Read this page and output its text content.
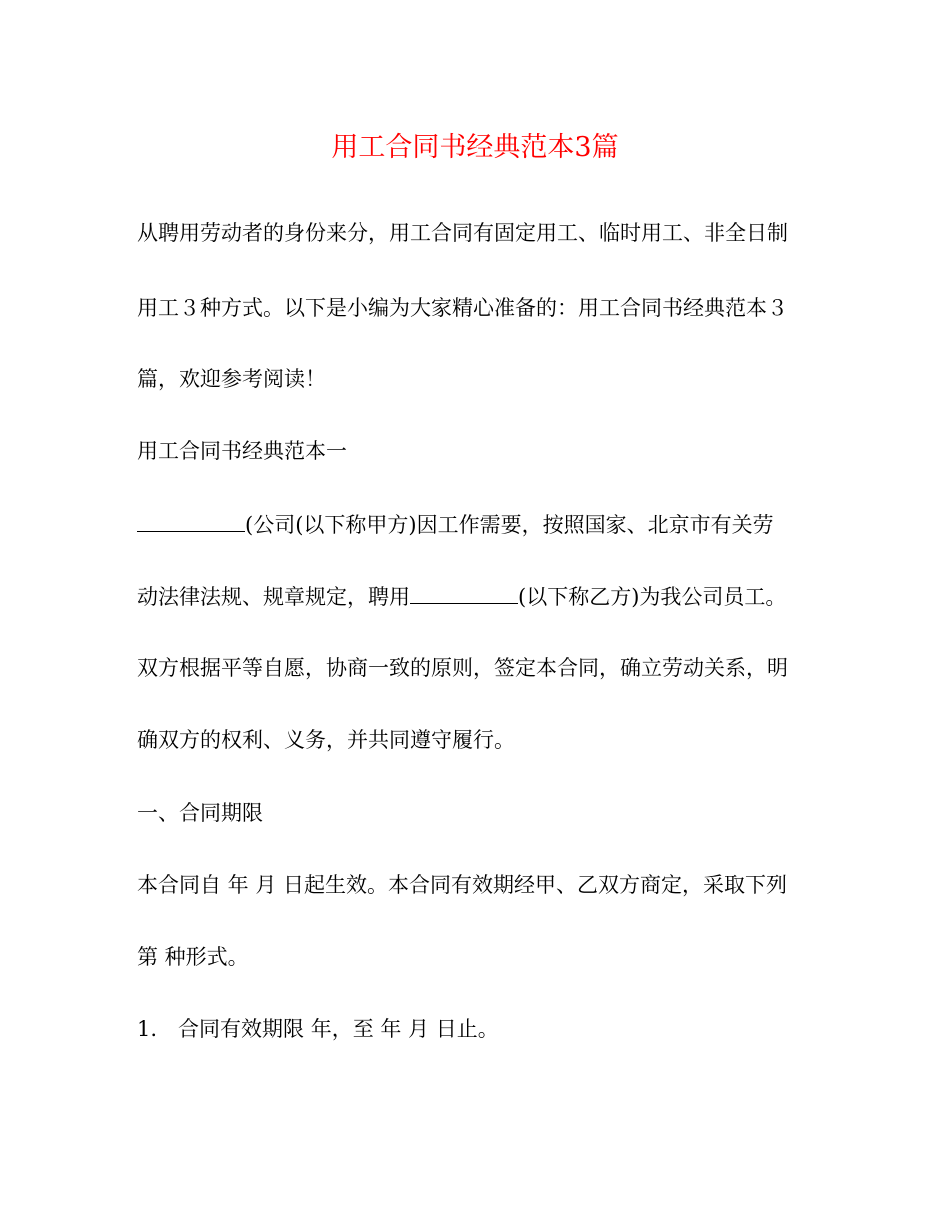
用工合同书经典范本3篇
从聘用劳动者的身份来分，用工合同有固定用工、临时用工、非全日制
用工３种方式。以下是小编为大家精心准备的：用工合同书经典范本３
篇，欢迎参考阅读！
用工合同书经典范本一
(公司(以下称甲方)因工作需要，按照国家、北京市有关劳
动法律法规、规章规定，聘用	(以下称乙方)为我公司员工。
双方根据平等自愿，协商一致的原则，签定本合同，确立劳动关系，明
确双方的权利、义务，并共同遵守履行。
一、合同期限
本合同自 年 月 日起生效。本合同有效期经甲、乙双方商定，采取下列
第 种形式。
1.　合同有效期限 年，至 年 月 日止。
